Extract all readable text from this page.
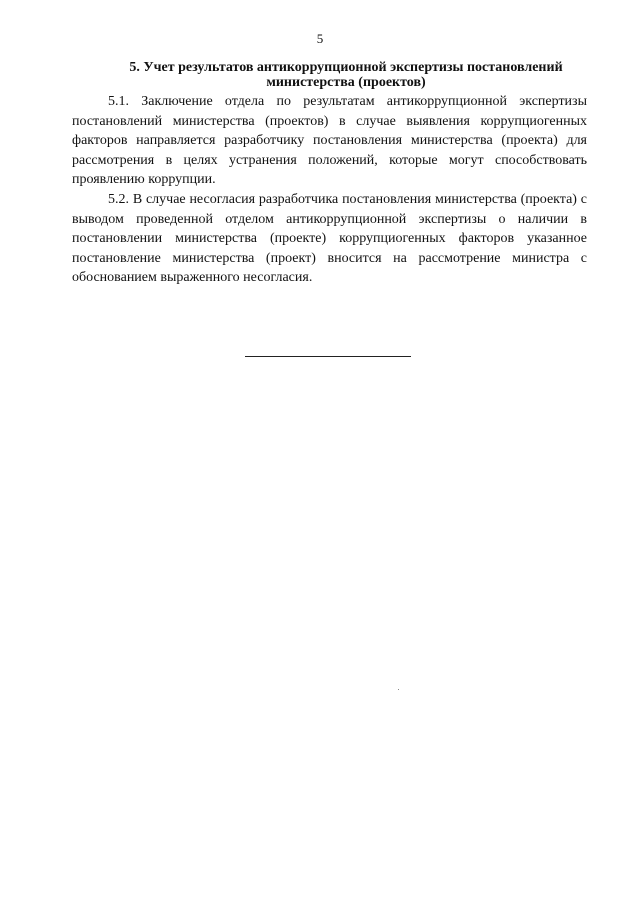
5
5. Учет результатов антикоррупционной экспертизы постановлений министерства (проектов)

5.1. Заключение отдела по результатам антикоррупционной экспертизы постановлений министерства (проектов) в случае выявления коррупциогенных факторов направляется разработчику постановления министерства (проекта) для рассмотрения в целях устранения положений, которые могут способствовать проявлению коррупции.

5.2. В случае несогласия разработчика постановления министерства (проекта) с выводом проведенной отделом антикоррупционной экспертизы о наличии в постановлении министерства (проекте) коррупциогенных факторов указанное постановление министерства (проект) вносится на рассмотрение министра с обоснованием выраженного несогласия.
